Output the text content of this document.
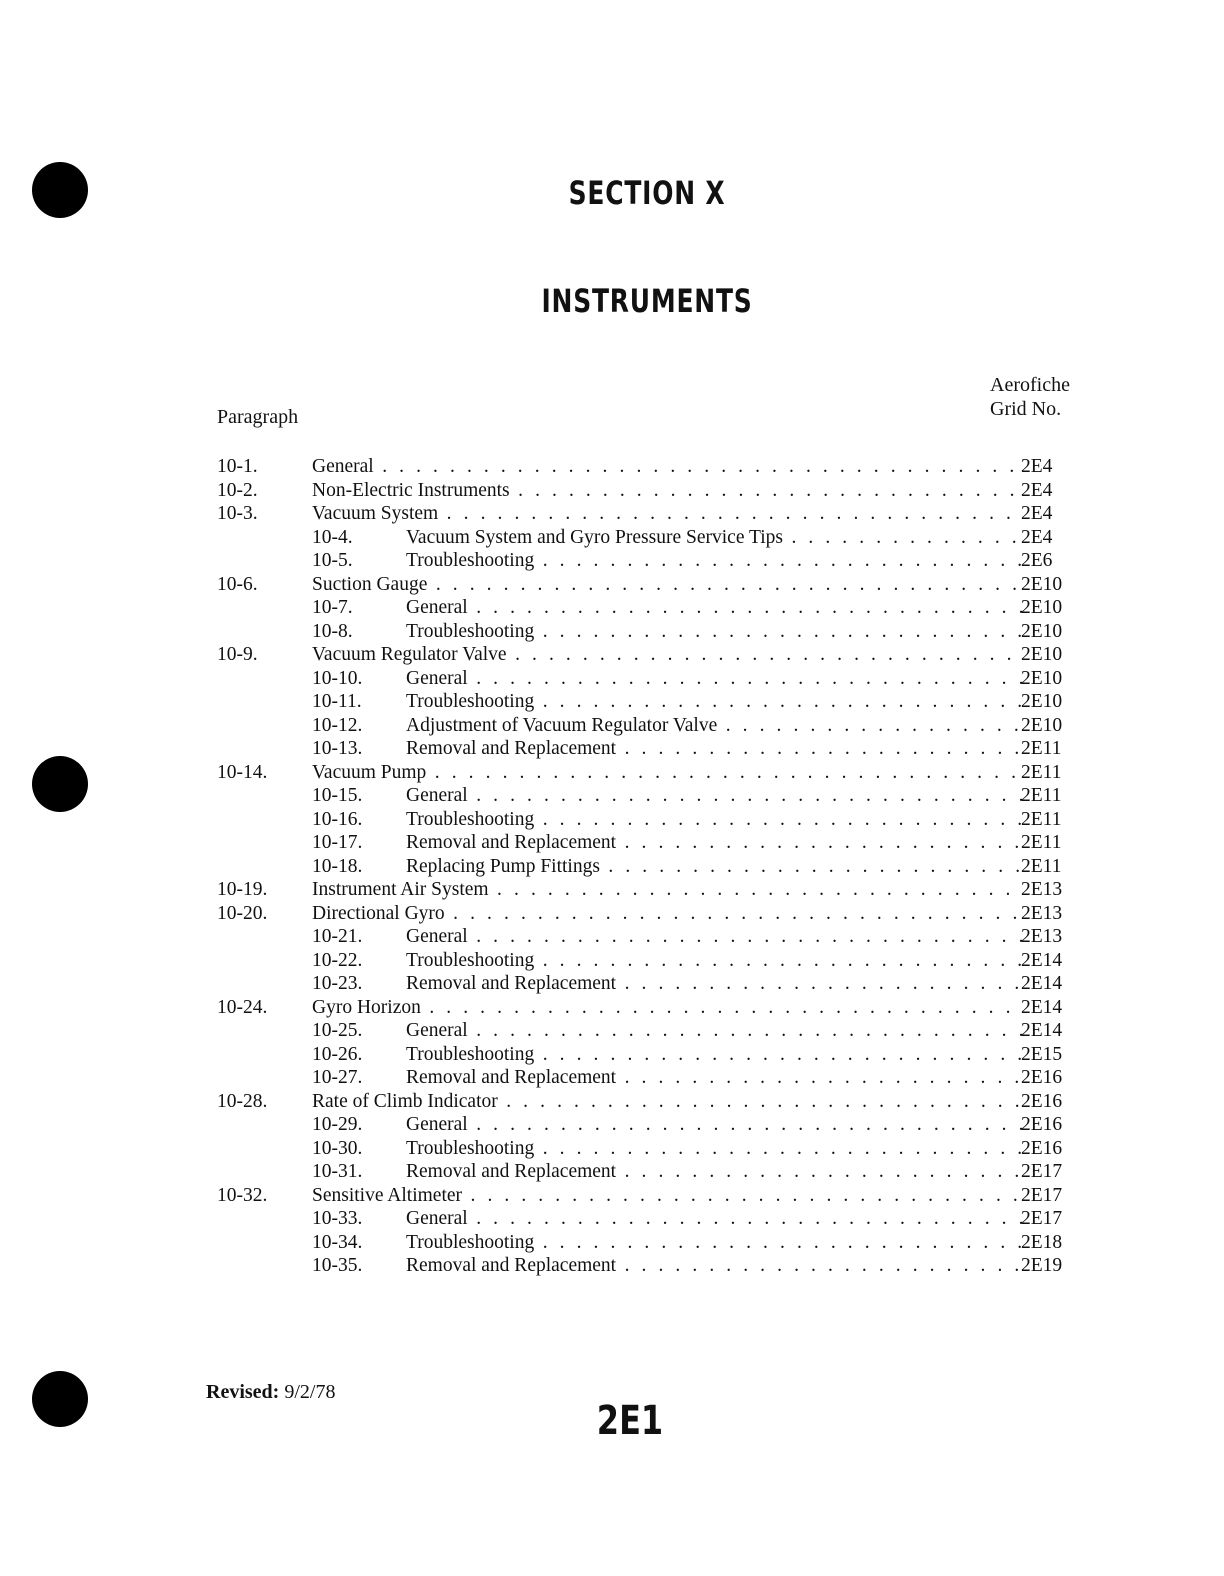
SECTION X
INSTRUMENTS
Aerofiche
Grid No.
Paragraph
10-1.	General . . .	2E4
10-2.	Non-Electric Instruments . . .	2E4
10-3.	Vacuum System . . .	2E4
10-4.	Vacuum System and Gyro Pressure Service Tips . . .	2E4
10-5.	Troubleshooting . . .	2E6
10-6.	Suction Gauge . . .	2E10
10-7.	General . . .	2E10
10-8.	Troubleshooting . . .	2E10
10-9.	Vacuum Regulator Valve . . .	2E10
10-10. General . . .	2E10
10-11. Troubleshooting . . .	2E10
10-12. Adjustment of Vacuum Regulator Valve . . .	2E10
10-13. Removal and Replacement . . .	2E11
10-14. Vacuum Pump . . .	2E11
10-15. General . . .	2E11
10-16. Troubleshooting . . .	2E11
10-17. Removal and Replacement . . .	2E11
10-18. Replacing Pump Fittings . . .	2E11
10-19. Instrument Air System . . .	2E13
10-20. Directional Gyro . . .	2E13
10-21. General . . .	2E13
10-22. Troubleshooting . . .	2E14
10-23. Removal and Replacement . . .	2E14
10-24. Gyro Horizon . . .	2E14
10-25. General . . .	2E14
10-26. Troubleshooting . . .	2E15
10-27. Removal and Replacement . . .	2E16
10-28. Rate of Climb Indicator . . .	2E16
10-29. General . . .	2E16
10-30. Troubleshooting . . .	2E16
10-31. Removal and Replacement . . .	2E17
10-32. Sensitive Altimeter . . .	2E17
10-33. General . . .	2E17
10-34. Troubleshooting . . .	2E18
10-35. Removal and Replacement . . .	2E19
Revised: 9/2/78
2E1
